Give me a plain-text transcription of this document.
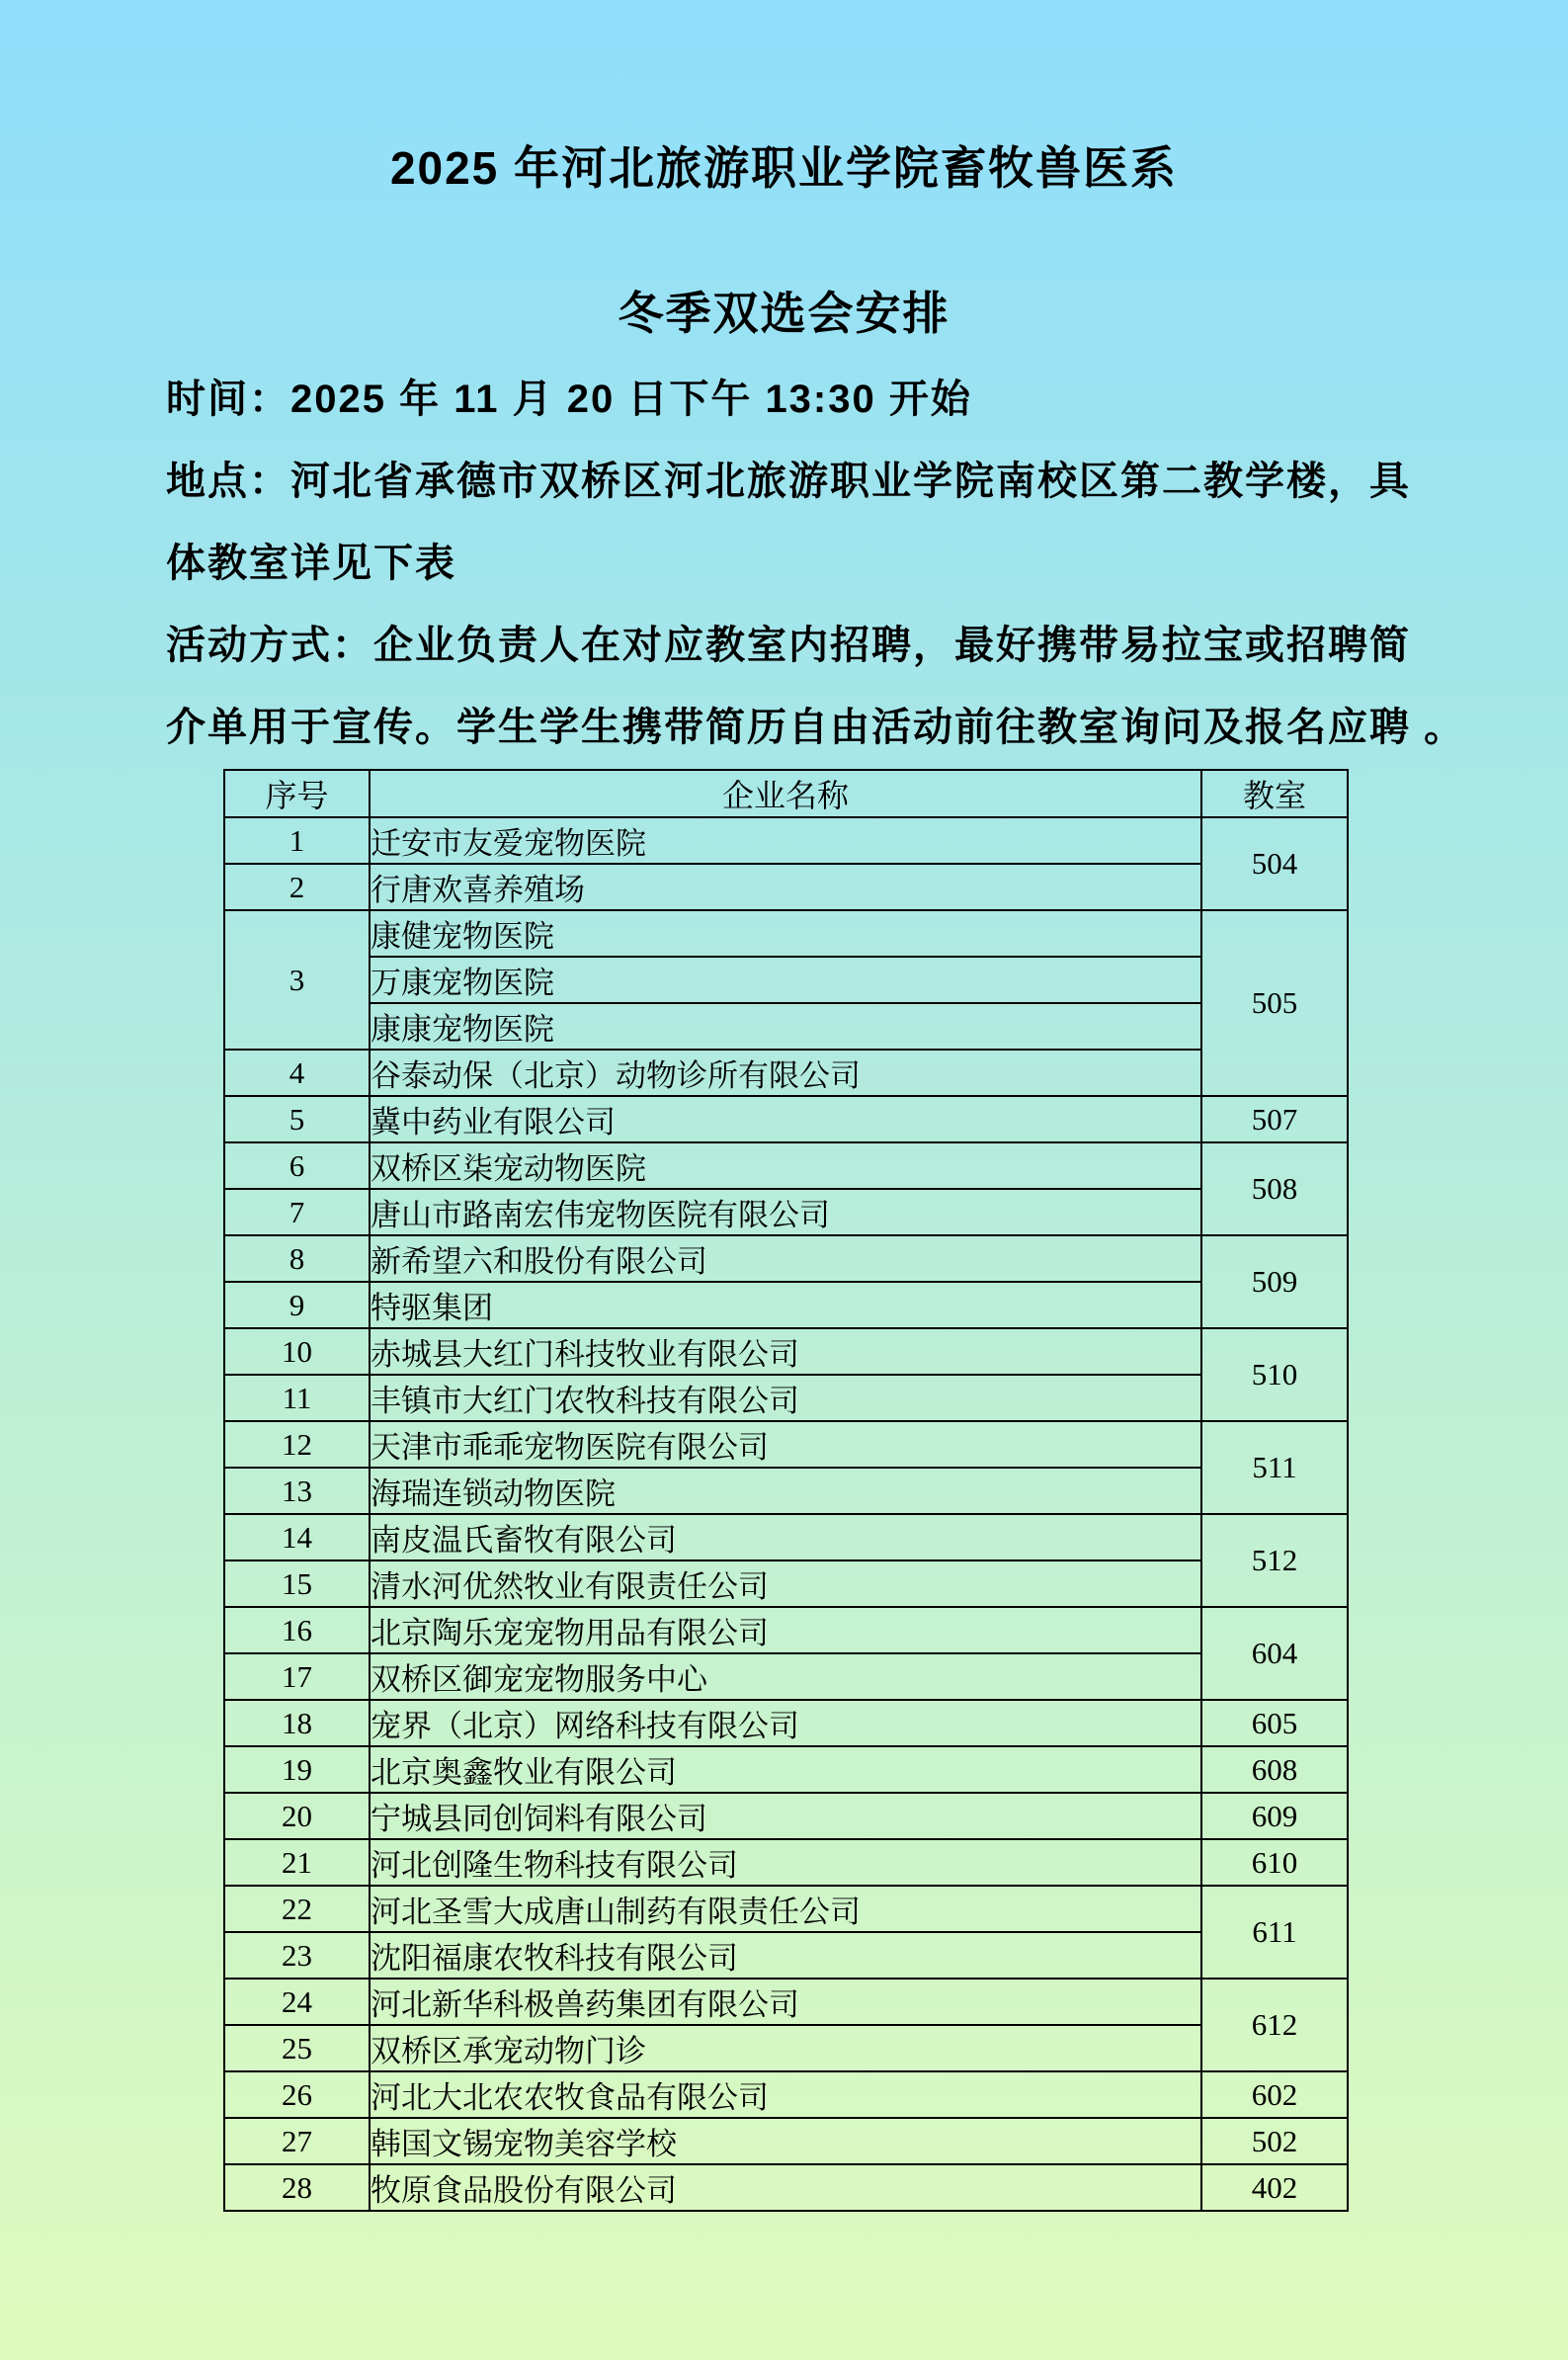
2025 年河北旅游职业学院畜牧兽医系
冬季双选会安排
时间：2025 年 11 月 20 日下午 13:30 开始
地点：河北省承德市双桥区河北旅游职业学院南校区第二教学楼，具
体教室详见下表
活动方式：企业负责人在对应教室内招聘，最好携带易拉宝或招聘简
介单用于宣传。学生学生携带简历自由活动前往教室询问及报名应聘 。
序号	企业名称	教室
1	迁安市友爱宠物医院	504
2	行唐欢喜养殖场	
3	康健宠物医院	505
	万康宠物医院	
	康康宠物医院	
4	谷泰动保（北京）动物诊所有限公司	
5	冀中药业有限公司	507
6	双桥区柒宠动物医院	508
7	唐山市路南宏伟宠物医院有限公司	
8	新希望六和股份有限公司	509
9	特驱集团	
10	赤城县大红门科技牧业有限公司	510
11	丰镇市大红门农牧科技有限公司	
12	天津市乖乖宠物医院有限公司	511
13	海瑞连锁动物医院	
14	南皮温氏畜牧有限公司	512
15	清水河优然牧业有限责任公司	
16	北京陶乐宠宠物用品有限公司	604
17	双桥区御宠宠物服务中心	
18	宠界（北京）网络科技有限公司	605
19	北京奥鑫牧业有限公司	608
20	宁城县同创饲料有限公司	609
21	河北创隆生物科技有限公司	610
22	河北圣雪大成唐山制药有限责任公司	611
23	沈阳福康农牧科技有限公司	
24	河北新华科极兽药集团有限公司	612
25	双桥区承宠动物门诊	
26	河北大北农农牧食品有限公司	602
27	韩国文锡宠物美容学校	502
28	牧原食品股份有限公司	402
